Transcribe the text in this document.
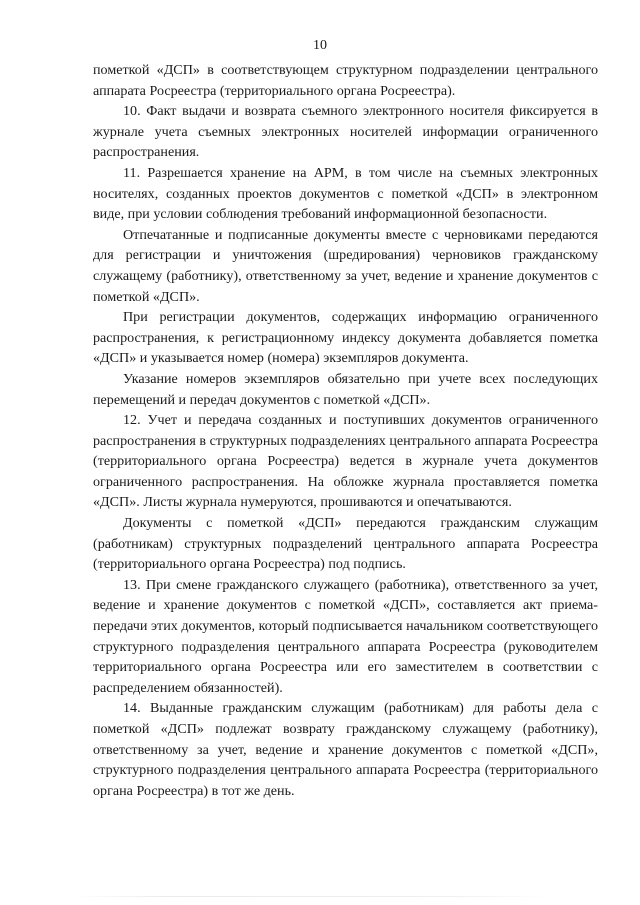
10

пометкой «ДСП» в соответствующем структурном подразделении центрального аппарата Росреестра (территориального органа Росреестра).

10. Факт выдачи и возврата съемного электронного носителя фиксируется в журнале учета съемных электронных носителей информации ограниченного распространения.

11. Разрешается хранение на АРМ, в том числе на съемных электронных носителях, созданных проектов документов с пометкой «ДСП» в электронном виде, при условии соблюдения требований информационной безопасности.

Отпечатанные и подписанные документы вместе с черновиками передаются для регистрации и уничтожения (шредирования) черновиков гражданскому служащему (работнику), ответственному за учет, ведение и хранение документов с пометкой «ДСП».

При регистрации документов, содержащих информацию ограниченного распространения, к регистрационному индексу документа добавляется пометка «ДСП» и указывается номер (номера) экземпляров документа.

Указание номеров экземпляров обязательно при учете всех последующих перемещений и передач документов с пометкой «ДСП».

12. Учет и передача созданных и поступивших документов ограниченного распространения в структурных подразделениях центрального аппарата Росреестра (территориального органа Росреестра) ведется в журнале учета документов ограниченного распространения. На обложке журнала проставляется пометка «ДСП». Листы журнала нумеруются, прошиваются и опечатываются.

Документы с пометкой «ДСП» передаются гражданским служащим (работникам) структурных подразделений центрального аппарата Росреестра (территориального органа Росреестра) под подпись.

13. При смене гражданского служащего (работника), ответственного за учет, ведение и хранение документов с пометкой «ДСП», составляется акт приема-передачи этих документов, который подписывается начальником соответствующего структурного подразделения центрального аппарата Росреестра (руководителем территориального органа Росреестра или его заместителем в соответствии с распределением обязанностей).

14. Выданные гражданским служащим (работникам) для работы дела с пометкой «ДСП» подлежат возврату гражданскому служащему (работнику), ответственному за учет, ведение и хранение документов с пометкой «ДСП», структурного подразделения центрального аппарата Росреестра (территориального органа Росреестра) в тот же день.
